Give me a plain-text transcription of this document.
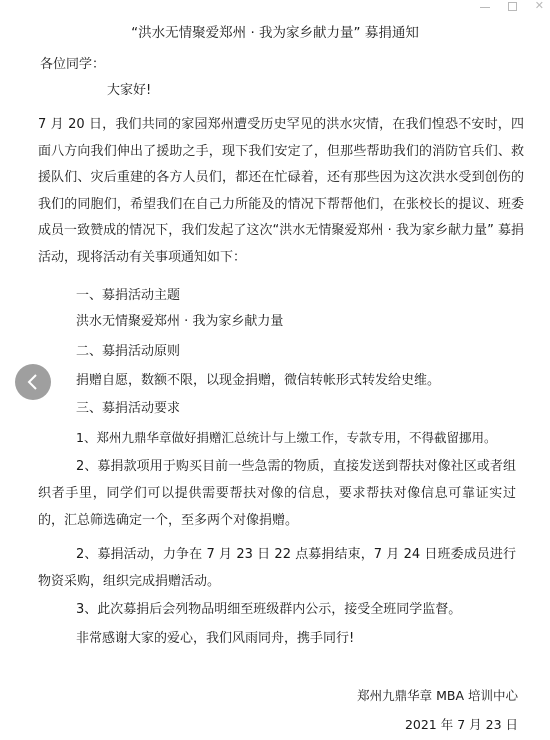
✕
“洪水无情聚爱郑州 · 我为家乡献力量” 募捐通知
各位同学：
大家好!

7 月 20 日，我们共同的家园郑州遭受历史罕见的洪水灾情，在我们惶恐不安时，四面八方向我们伸出了援助之手，现下我们安定了，但那些帮助我们的消防官兵们、救援队们、灾后重建的各方人员们，都还在忙碌着，还有那些因为这次洪水受到创伤的我们的同胞们，希望我们在自己力所能及的情况下帮帮他们，在张校长的提议、班委成员一致赞成的情况下，我们发起了这次“洪水无情聚爱郑州 · 我为家乡献力量” 募捐活动，现将活动有关事项通知如下：

一、募捐活动主题
洪水无情聚爱郑州 · 我为家乡献力量
二、募捐活动原则
捐赠自愿，数额不限，以现金捐赠，微信转帐形式转发给史维。
三、募捐活动要求
1、郑州九鼎华章做好捐赠汇总统计与上缴工作，专款专用，不得截留挪用。
2、募捐款项用于购买目前一些急需的物质，直接发送到帮扶对像社区或者组织者手里，同学们可以提供需要帮扶对像的信息，要求帮扶对像信息可靠证实过的，汇总筛选确定一个，至多两个对像捐赠。
2、募捐活动，力争在 7 月 23 日 22 点募捐结束，7 月 24 日班委成员进行物资采购，组织完成捐赠活动。
3、此次募捐后会列物品明细至班级群内公示，接受全班同学监督。
非常感谢大家的爱心，我们风雨同舟，携手同行!
郑州九鼎华章 MBA 培训中心
2021 年 7 月 23 日
